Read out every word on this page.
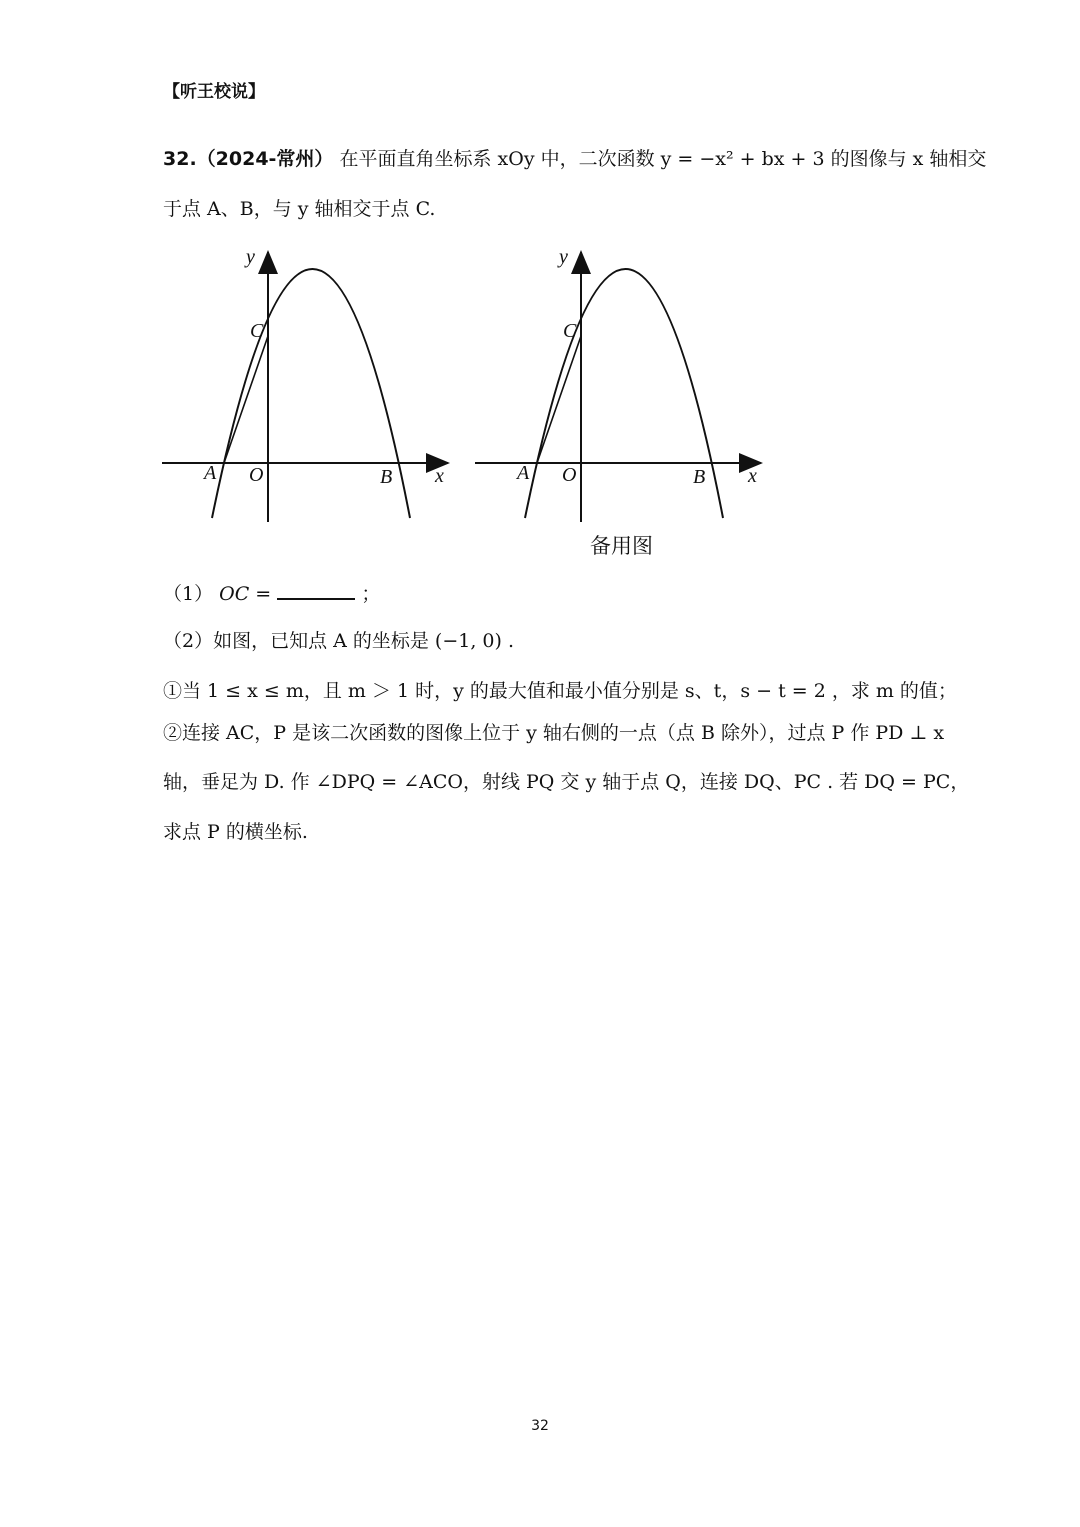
【听王校说】
32.（2024-常州） 在平面直角坐标系 xOy 中，二次函数 y = −x² + bx + 3 的图像与 x 轴相交
于点 A、B，与 y 轴相交于点 C.
y
x
C
A O	B
y
x
C
A O	B
备用图
（1） OC =	；
（2）如图，已知点 A 的坐标是 (−1, 0) .
①当 1 ≤ x ≤ m，且 m ＞ 1 时，y 的最大值和最小值分别是 s、t，s − t = 2 ，求 m 的值；
②连接 AC，P 是该二次函数的图像上位于 y 轴右侧的一点（点 B 除外），过点 P 作 PD ⊥ x
轴，垂足为 D. 作 ∠DPQ = ∠ACO，射线 PQ 交 y 轴于点 Q，连接 DQ、PC . 若 DQ = PC，
求点 P 的横坐标.
32
